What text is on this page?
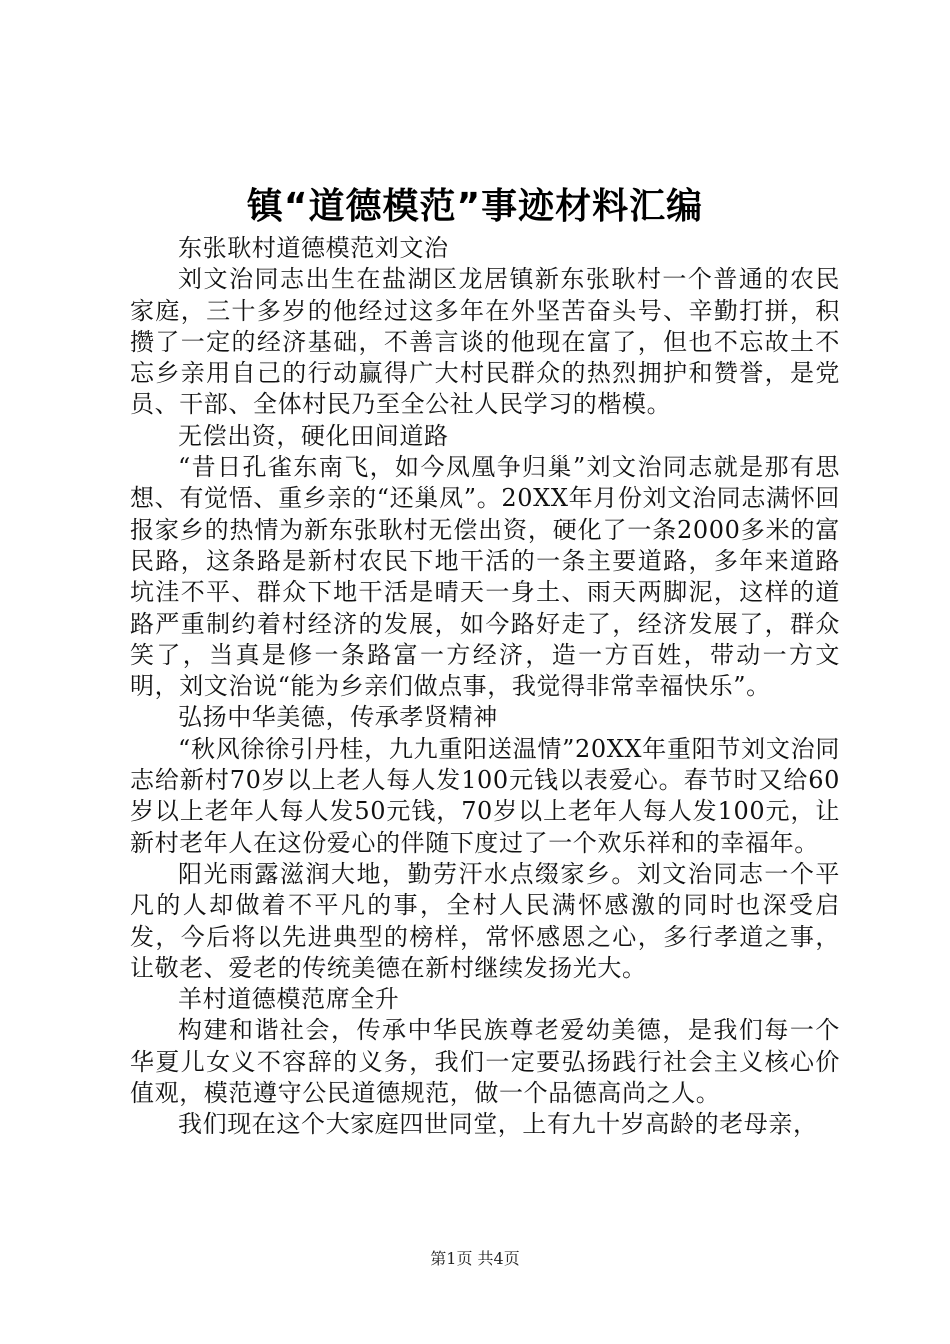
镇“道德模范”事迹材料汇编

东张耿村道德模范刘文治

刘文治同志出生在盐湖区龙居镇新东张耿村一个普通的农民家庭，三十多岁的他经过这多年在外坚苦奋头号、辛勤打拼，积攒了一定的经济基础，不善言谈的他现在富了，但也不忘故土不忘乡亲用自己的行动赢得广大村民群众的热烈拥护和赞誉，是党员、干部、全体村民乃至全公社人民学习的楷模。

无偿出资，硬化田间道路

“昔日孔雀东南飞，如今凤凰争归巢”刘文治同志就是那有思想、有觉悟、重乡亲的“还巢凤”。20XX年月份刘文治同志满怀回报家乡的热情为新东张耿村无偿出资，硬化了一条2000多米的富民路，这条路是新村农民下地干活的一条主要道路，多年来道路坑洼不平、群众下地干活是晴天一身土、雨天两脚泥，这样的道路严重制约着村经济的发展，如今路好走了，经济发展了，群众笑了，当真是修一条路富一方经济，造一方百姓，带动一方文明，刘文治说“能为乡亲们做点事，我觉得非常幸福快乐”。

弘扬中华美德，传承孝贤精神

“秋风徐徐引丹桂，九九重阳送温情”20XX年重阳节刘文治同志给新村70岁以上老人每人发100元钱以表爱心。春节时又给60岁以上老年人每人发50元钱，70岁以上老年人每人发100元，让新村老年人在这份爱心的伴随下度过了一个欢乐祥和的幸福年。

阳光雨露滋润大地，勤劳汗水点缀家乡。刘文治同志一个平凡的人却做着不平凡的事，全村人民满怀感激的同时也深受启发，今后将以先进典型的榜样，常怀感恩之心，多行孝道之事，让敬老、爱老的传统美德在新村继续发扬光大。

羊村道德模范席全升

构建和谐社会，传承中华民族尊老爱幼美德，是我们每一个华夏儿女义不容辞的义务，我们一定要弘扬践行社会主义核心价值观，模范遵守公民道德规范，做一个品德高尚之人。

我们现在这个大家庭四世同堂，上有九十岁高龄的老母亲，

第1页 共4页
